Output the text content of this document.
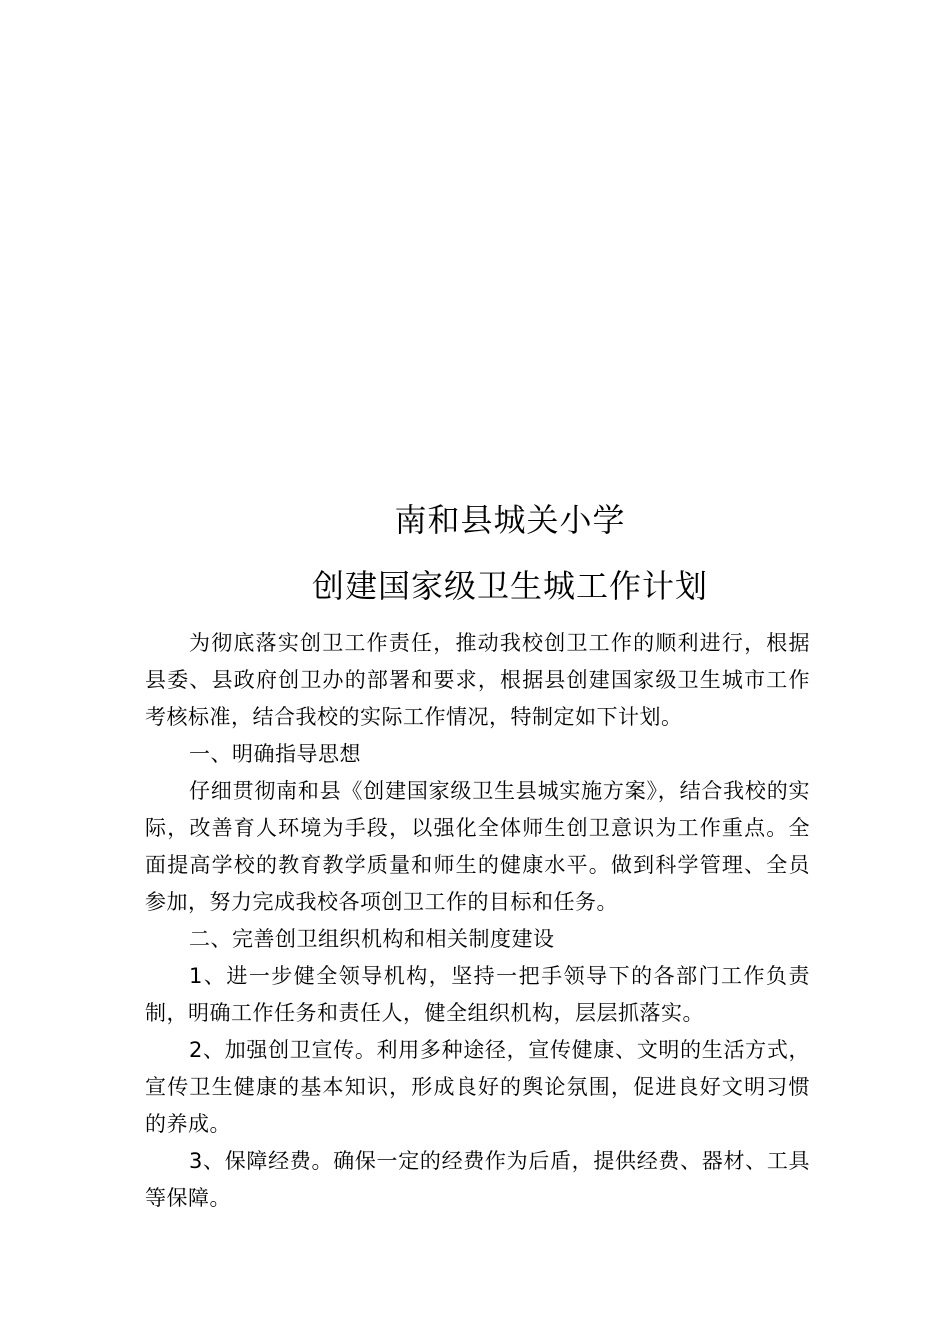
南和县城关小学
创建国家级卫生城工作计划

为彻底落实创卫工作责任，推动我校创卫工作的顺利进行，根据县委、县政府创卫办的部署和要求，根据县创建国家级卫生城市工作考核标准，结合我校的实际工作情况，特制定如下计划。

一、明确指导思想

仔细贯彻南和县《创建国家级卫生县城实施方案》，结合我校的实际，改善育人环境为手段，以强化全体师生创卫意识为工作重点。全面提高学校的教育教学质量和师生的健康水平。做到科学管理、全员参加，努力完成我校各项创卫工作的目标和任务。

二、完善创卫组织机构和相关制度建设

1、进一步健全领导机构，坚持一把手领导下的各部门工作负责制，明确工作任务和责任人，健全组织机构，层层抓落实。

2、加强创卫宣传。利用多种途径，宣传健康、文明的生活方式，宣传卫生健康的基本知识，形成良好的舆论氛围，促进良好文明习惯的养成。

3、保障经费。确保一定的经费作为后盾，提供经费、器材、工具等保障。
